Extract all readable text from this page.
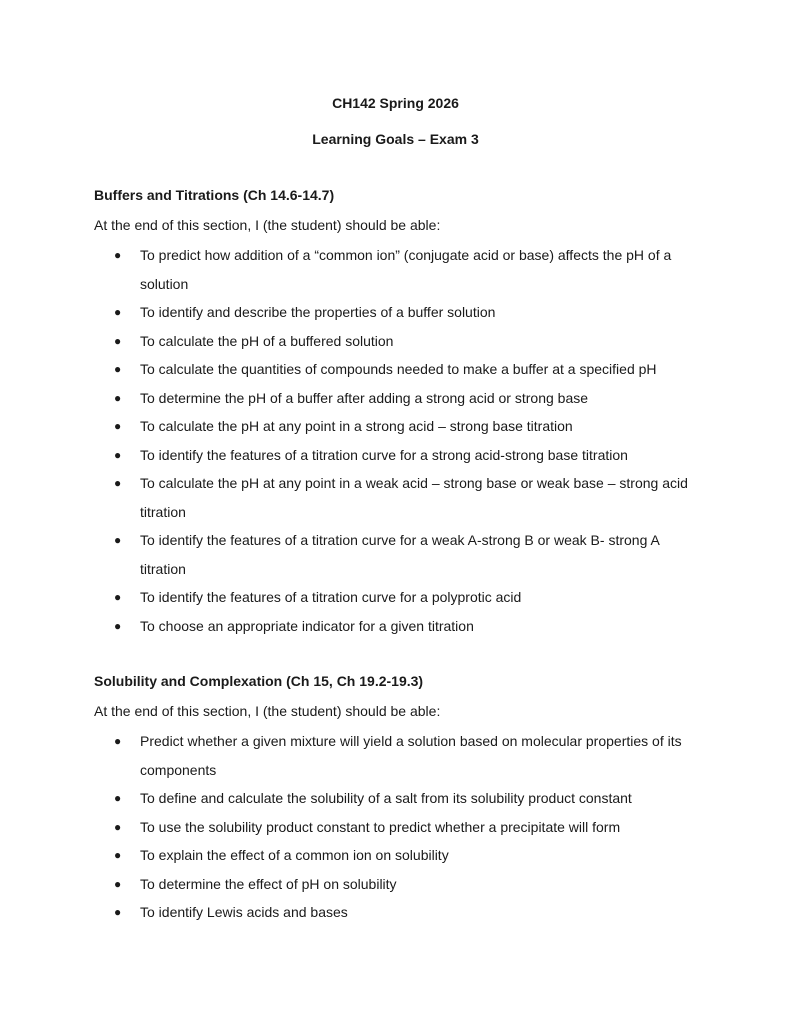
CH142 Spring 2026
Learning Goals – Exam 3
Buffers and Titrations (Ch 14.6-14.7)
At the end of this section, I (the student) should be able:
● To predict how addition of a “common ion” (conjugate acid or base) affects the pH of a solution
● To identify and describe the properties of a buffer solution
● To calculate the pH of a buffered solution
● To calculate the quantities of compounds needed to make a buffer at a specified pH
● To determine the pH of a buffer after adding a strong acid or strong base
● To calculate the pH at any point in a strong acid – strong base titration
● To identify the features of a titration curve for a strong acid-strong base titration
● To calculate the pH at any point in a weak acid – strong base or weak base – strong acid titration
● To identify the features of a titration curve for a weak A-strong B or weak B- strong A titration
● To identify the features of a titration curve for a polyprotic acid
● To choose an appropriate indicator for a given titration
Solubility and Complexation (Ch 15, Ch 19.2-19.3)
At the end of this section, I (the student) should be able:
● Predict whether a given mixture will yield a solution based on molecular properties of its components
● To define and calculate the solubility of a salt from its solubility product constant
● To use the solubility product constant to predict whether a precipitate will form
● To explain the effect of a common ion on solubility
● To determine the effect of pH on solubility
● To identify Lewis acids and bases
